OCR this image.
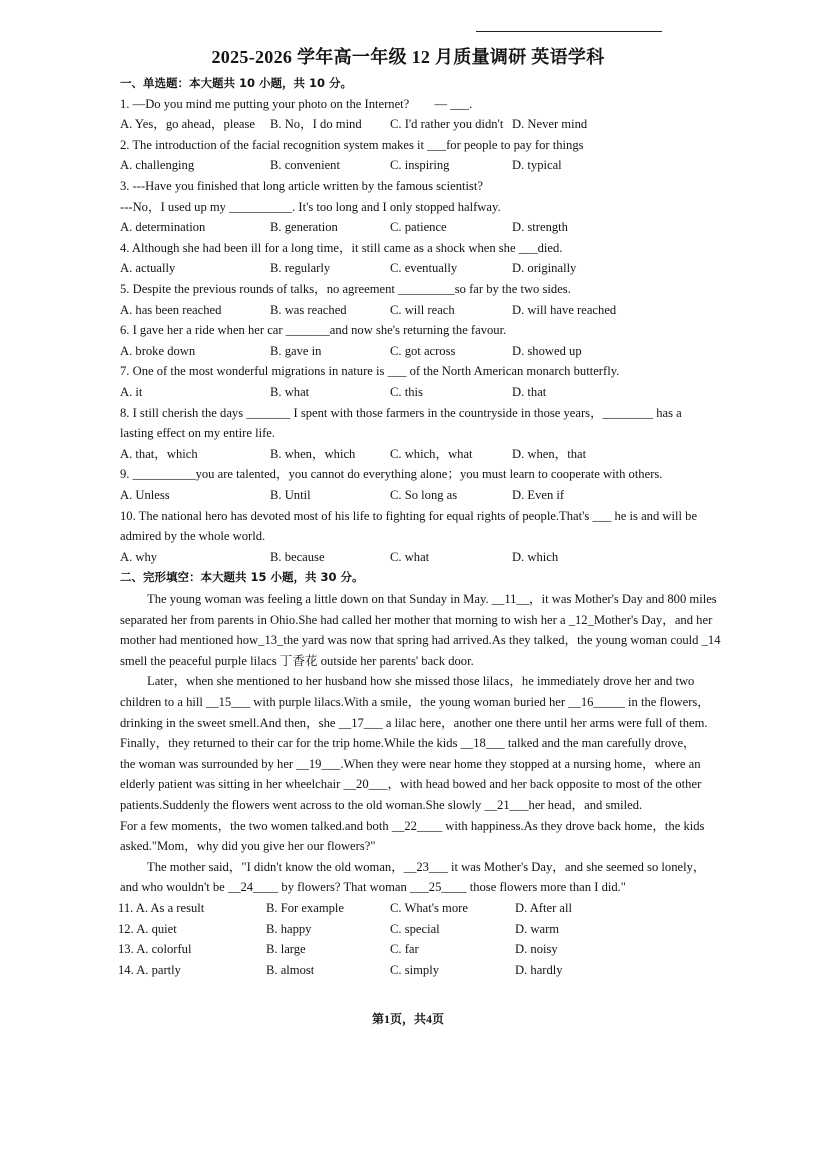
2025-2026 学年高一年级 12 月质量调研 英语学科
一、单选题：本大题共 10 小题，共 10 分。
1. —Do you mind me putting your photo on the Internet?　　— ___.
A. Yes，go ahead，please B. No，I do mind C. I'd rather you didn't D. Never mind
2. The introduction of the facial recognition system makes it ___for people to pay for things
A. challenging	B. convenient	C. inspiring	D. typical
3. ---Have you finished that long article written by the famous scientist?
---No，I used up my __________. It's too long and I only stopped halfway.
A. determination	B. generation	C. patience	D. strength
4. Although she had been ill for a long time，it still came as a shock when she ___died.
A. actually	B. regularly	C. eventually	D. originally
5. Despite the previous rounds of talks，no agreement _________so far by the two sides.
A. has been reached	B. was reached	C. will reach	D. will have reached
6. I gave her a ride when her car _______and now she's returning the favour.
A. broke down	B. gave in	C. got across	D. showed up
7. One of the most wonderful migrations in nature is ___ of the North American monarch butterfly.
A. it	B. what	C. this	D. that
8. I still cherish the days _______ I spent with those farmers in the countryside in those years，________ has a
lasting effect on my entire life.
A. that，which	B. when，which	C. which，what	D. when，that
9. __________you are talented，you cannot do everything alone；you must learn to cooperate with others.
A. Unless	B. Until	C. So long as	D. Even if
10. The national hero has devoted most of his life to fighting for equal rights of people.That's ___ he is and will be
admired by the whole world.
A. why	B. because	C. what	D. which
二、完形填空：本大题共 15 小题，共 30 分。
The young woman was feeling a little down on that Sunday in May. __11__，it was Mother's Day and 800 miles
separated her from parents in Ohio.She had called her mother that morning to wish her a _12_Mother's Day，and her
mother had mentioned how_13_the yard was now that spring had arrived.As they talked，the young woman could _14
smell the peaceful purple lilacs 丁香花 outside her parents' back door.
Later，when she mentioned to her husband how she missed those lilacs，he immediately drove her and two
children to a hill __15___ with purple lilacs.With a smile，the young woman buried her __16_____ in the flowers，
drinking in the sweet smell.And then，she __17___ a lilac here，another one there until her arms were full of them.
Finally，they returned to their car for the trip home.While the kids __18___ talked and the man carefully drove，
the woman was surrounded by her __19___.When they were near home they stopped at a nursing home，where an
elderly patient was sitting in her wheelchair __20___，with head bowed and her back opposite to most of the other
patients.Suddenly the flowers went across to the old woman.She slowly __21___her head，and smiled.
For a few moments，the two women talked.and both __22____ with happiness.As they drove back home，the kids
asked."Mom，why did you give her our flowers?"
The mother said，"I didn't know the old woman，__23___ it was Mother's Day，and she seemed so lonely，
and who wouldn't be __24____ by flowers? That woman ___25____ those flowers more than I did."
11. A. As a result	B. For example	C. What's more	D. After all
12. A. quiet	B. happy	C. special	D. warm
13. A. colorful	B. large	C. far	D. noisy
14. A. partly	B. almost	C. simply	D. hardly
第1页，共4页
